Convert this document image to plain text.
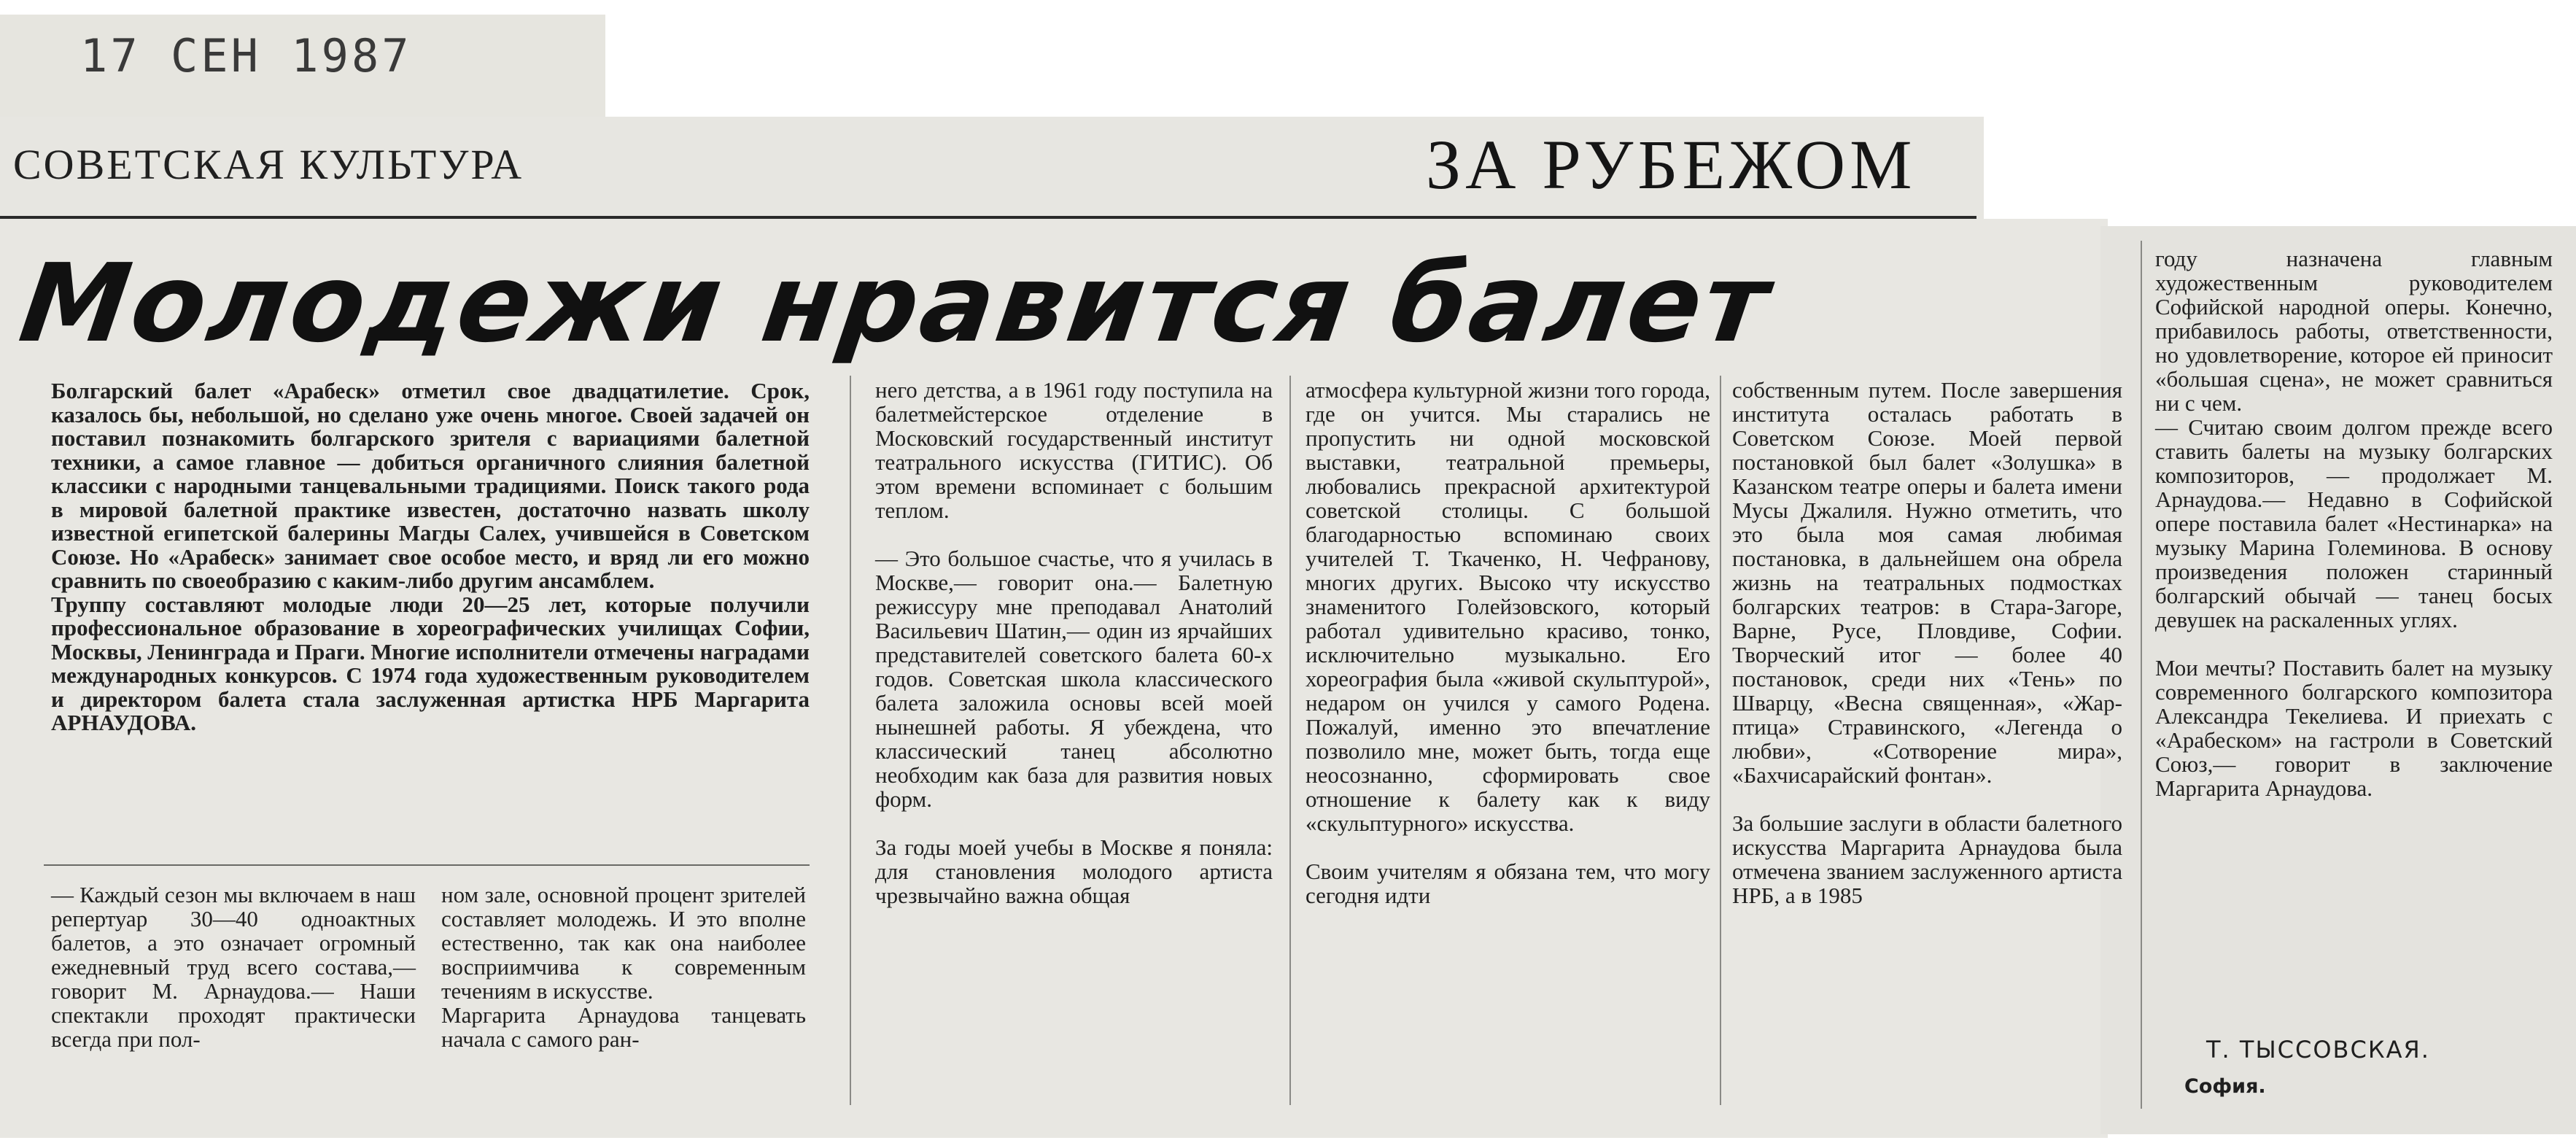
17 СЕН 1987
СОВЕТСКАЯ КУЛЬТУРА	ЗА РУБЕЖОМ
Молодежи нравится балет
Болгарский балет «Арабеск» отметил свое двадцатилетие. Срок, казалось бы, небольшой, но сделано уже очень многое. Своей задачей он поставил познакомить болгарского зрителя с вариациями балетной техники, а самое главное — добиться органичного слияния балетной классики с народными танцевальными традициями. Поиск такого рода в мировой балетной практике известен, достаточно назвать школу известной египетской балерины Магды Салех, учившейся в Советском Союзе. Но «Арабеск» занимает свое особое место, и вряд ли его можно сравнить по своеобразию с каким-либо другим ансамблем.
Труппу составляют молодые люди 20—25 лет, которые получили профессиональное образование в хореографических училищах Софии, Москвы, Ленинграда и Праги. Многие исполнители отмечены наградами международных конкурсов. С 1974 года художественным руководителем и директором балета стала заслуженная артистка НРБ Маргарита АРНАУДОВА.
— Каждый сезон мы включаем в наш репертуар 30—40 одноактных балетов, а это означает огромный ежедневный труд всего состава,—говорит М. Арнаудова.— Наши спектакли проходят практически всегда при пол-
ном зале, основной процент зрителей составляет молодежь. И это вполне естественно, так как она наиболее восприимчива к современным течениям в искусстве.
Маргарита Арнаудова танцевать начала с самого ран-
него детства, а в 1961 году поступила на балетмейстерское отделение в Московский государственный институт театрального искусства (ГИТИС). Об этом времени вспоминает с большим теплом.

— Это большое счастье, что я училась в Москве,— говорит она.— Балетную режиссуру мне преподавал Анатолий Васильевич Шатин,— один из ярчайших представителей советского балета 60-х годов. Советская школа классического балета заложила основы всей моей нынешней работы. Я убеждена, что классический танец абсолютно необходим как база для развития новых форм.

За годы моей учебы в Москве я поняла: для становления молодого артиста чрезвычайно важна общая
атмосфера культурной жизни того города, где он учится. Мы старались не пропустить ни одной московской выставки, театральной премьеры, любовались прекрасной архитектурой советской столицы. С большой благодарностью вспоминаю своих учителей Т. Ткаченко, Н. Чефранову, многих других. Высоко чту искусство знаменитого Голейзовского, который работал удивительно красиво, тонко, исключительно музыкально. Его хореография была «живой скульптурой», недаром он учился у самого Родена. Пожалуй, именно это впечатление позволило мне, может быть, тогда еще неосознанно, сформировать свое отношение к балету как к виду «скульптурного» искусства.

Своим учителям я обязана тем, что могу сегодня идти
собственным путем. После завершения института осталась работать в Советском Союзе. Моей первой постановкой был балет «Золушка» в Казанском театре оперы и балета имени Мусы Джалиля. Нужно отметить, что это была моя самая любимая постановка, в дальнейшем она обрела жизнь на театральных подмостках болгарских театров: в Стара-Загоре, Варне, Русе, Пловдиве, Софии. Творческий итог — более 40 постановок, среди них «Тень» по Шварцу, «Весна священная», «Жар-птица» Стравинского, «Легенда о любви», «Сотворение мира», «Бахчисарайский фонтан».

За большие заслуги в области балетного искусства Маргарита Арнаудова была отмечена званием заслуженного артиста НРБ, а в 1985
году назначена главным художественным руководителем Софийской народной оперы. Конечно, прибавилось работы, ответственности, но удовлетворение, которое ей приносит «большая сцена», не может сравниться ни с чем.
— Считаю своим долгом прежде всего ставить балеты на музыку болгарских композиторов, — продолжает М. Арнаудова.— Недавно в Софийской опере поставила балет «Нестинарка» на музыку Марина Големинова. В основу произведения положен старинный болгарский обычай — танец босых девушек на раскаленных углях.

Мои мечты? Поставить балет на музыку современного болгарского композитора Александра Текелиева. И приехать с «Арабеском» на гастроли в Советский Союз,— говорит в заключение Маргарита Арнаудова.
Т. ТЫССОВСКАЯ.
София.
